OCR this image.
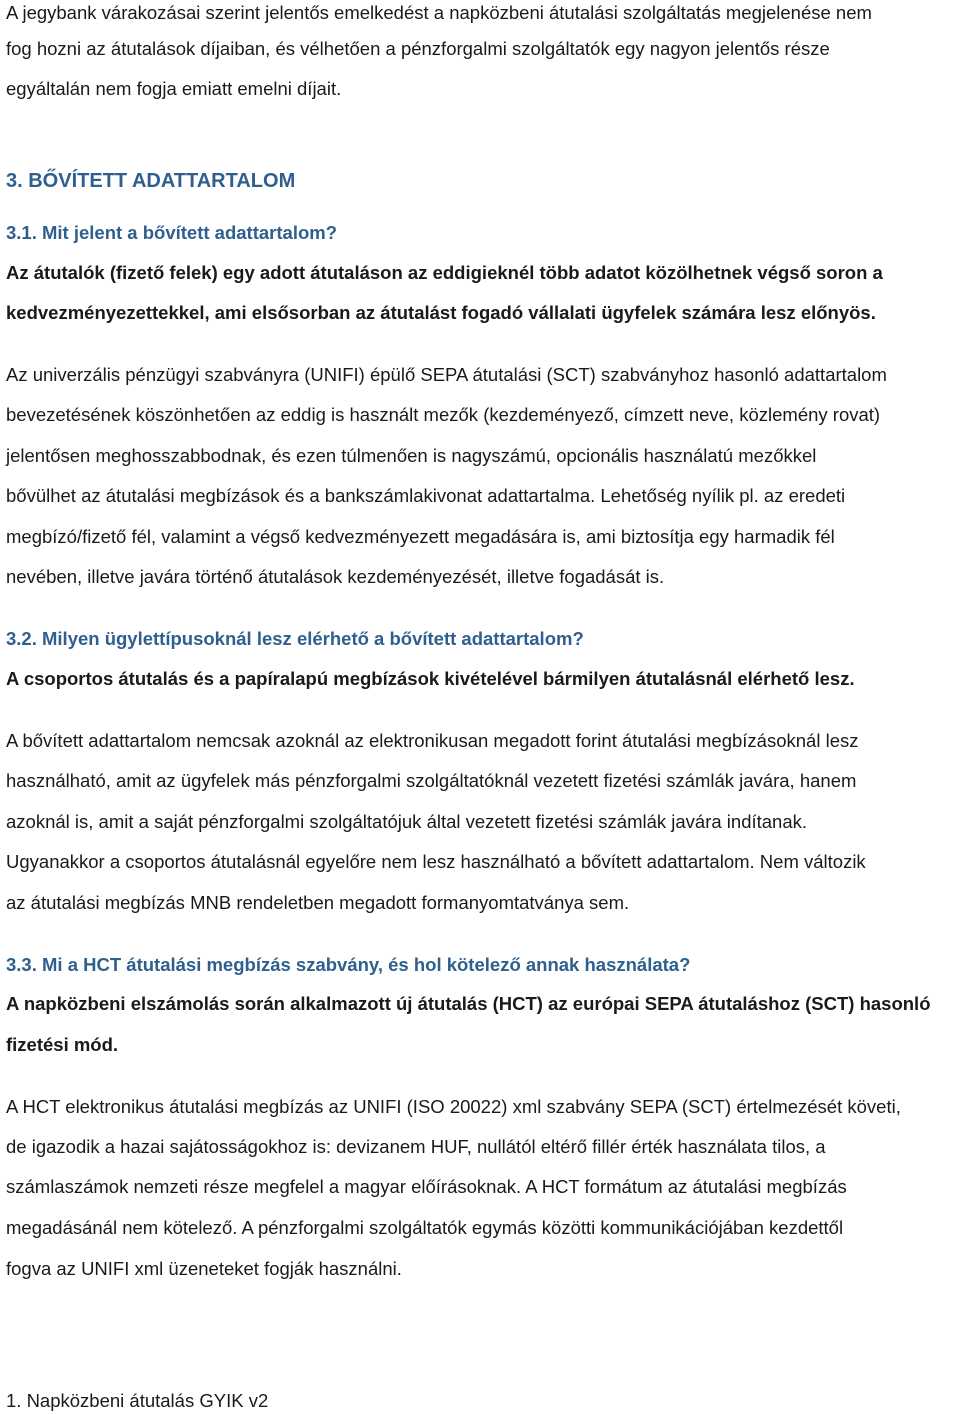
A jegybank várakozásai szerint jelentős emelkedést a napközbeni átutalási szolgáltatás megjelenése nem
fog hozni az átutalások díjaiban, és vélhetően a pénzforgalmi szolgáltatók egy nagyon jelentős része
egyáltalán nem fogja emiatt emelni díjait.
3. BŐVÍTETT ADATTARTALOM
3.1. Mit jelent a bővített adattartalom?
Az átutalók (fizető felek) egy adott átutaláson az eddigieknél több adatot közölhetnek végső soron a
kedvezményezettekkel, ami elsősorban az átutalást fogadó vállalati ügyfelek számára lesz előnyös.
Az univerzális pénzügyi szabványra (UNIFI) épülő SEPA átutalási (SCT) szabványhoz hasonló adattartalom
bevezetésének köszönhetően az eddig is használt mezők (kezdeményező, címzett neve, közlemény rovat)
jelentősen meghosszabbodnak, és ezen túlmenően is nagyszámú, opcionális használatú mezőkkel
bővülhet az átutalási megbízások és a bankszámlakivonat adattartalma. Lehetőség nyílik pl. az eredeti
megbízó/fizető fél, valamint a végső kedvezményezett megadására is, ami biztosítja egy harmadik fél
nevében, illetve javára történő átutalások kezdeményezését, illetve fogadását is.
3.2. Milyen ügylettípusoknál lesz elérhető a bővített adattartalom?
A csoportos átutalás és a papíralapú megbízások kivételével bármilyen átutalásnál elérhető lesz.
A bővített adattartalom nemcsak azoknál az elektronikusan megadott forint átutalási megbízásoknál lesz
használható, amit az ügyfelek más pénzforgalmi szolgáltatóknál vezetett fizetési számlák javára, hanem
azoknál is, amit a saját pénzforgalmi szolgáltatójuk által vezetett fizetési számlák javára indítanak.
Ugyanakkor a csoportos átutalásnál egyelőre nem lesz használható a bővített adattartalom. Nem változik
az átutalási megbízás MNB rendeletben megadott formanyomtatványa sem.
3.3. Mi a HCT átutalási megbízás szabvány, és hol kötelező annak használata?
A napközbeni elszámolás során alkalmazott új átutalás (HCT) az európai SEPA átutaláshoz (SCT) hasonló
fizetési mód.
A HCT elektronikus átutalási megbízás az UNIFI (ISO 20022) xml szabvány SEPA (SCT) értelmezését követi,
de igazodik a hazai sajátosságokhoz is: devizanem HUF, nullától eltérő fillér érték használata tilos, a
számlaszámok nemzeti része megfelel a magyar előírásoknak. A HCT formátum az átutalási megbízás
megadásánál nem kötelező. A pénzforgalmi szolgáltatók egymás közötti kommunikációjában kezdettől
fogva az UNIFI xml üzeneteket fogják használni.
1. Napközbeni átutalás GYIK v2
